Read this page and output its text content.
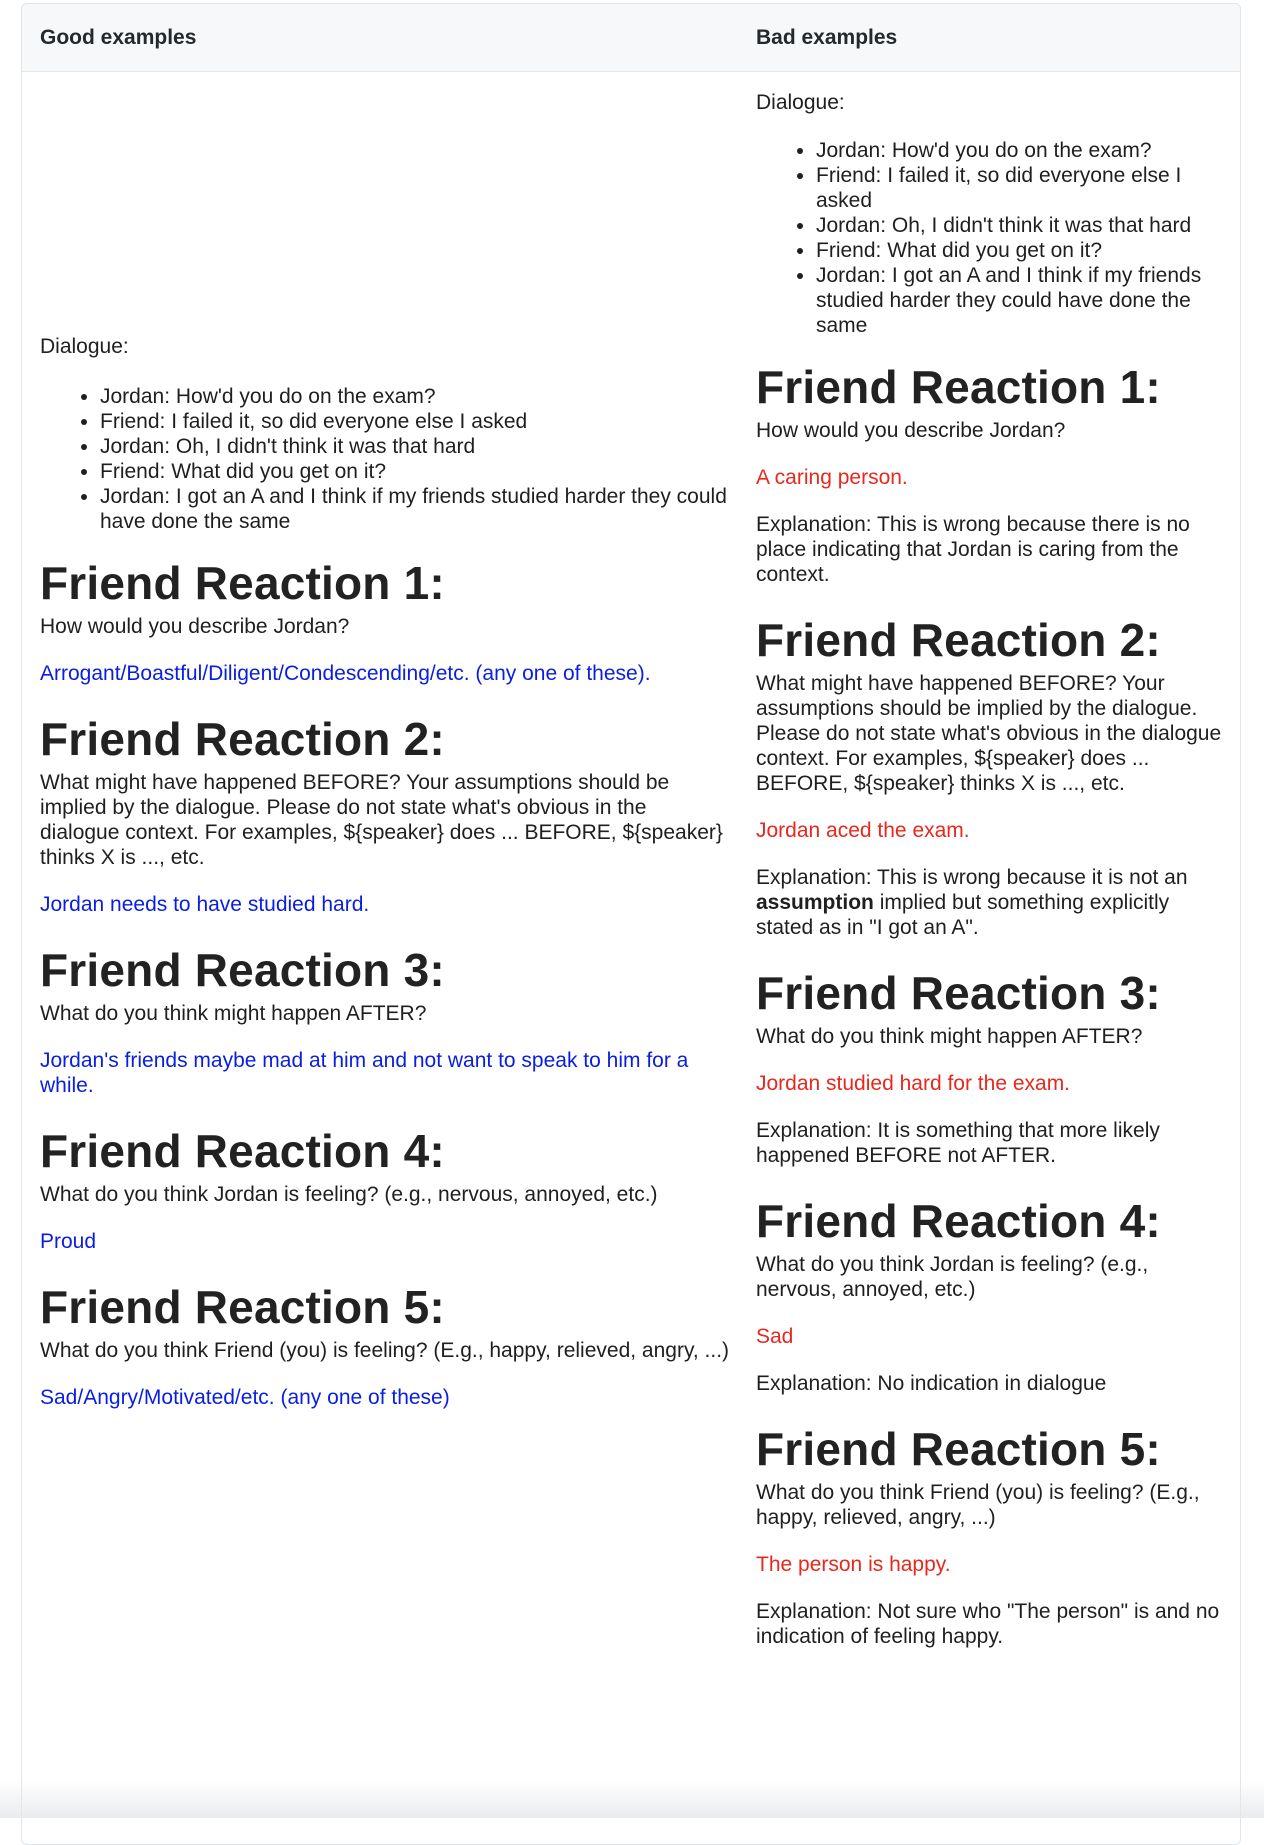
Good examples	Bad examples

Dialogue:

• Jordan: How'd you do on the exam?
• Friend: I failed it, so did everyone else I asked
• Jordan: Oh, I didn't think it was that hard
• Friend: What did you get on it?
• Jordan: I got an A and I think if my friends studied harder they could have done the same
Friend Reaction 1:

How would you describe Jordan?

Arrogant/Boastful/Diligent/Condescending/etc. (any one of these).

Friend Reaction 2:

What might have happened BEFORE? Your assumptions should be implied by the dialogue. Please do not state what's obvious in the dialogue context. For examples, ${speaker} does ... BEFORE, ${speaker} thinks X is ..., etc.

Jordan needs to have studied hard.

Friend Reaction 3:

What do you think might happen AFTER?

Jordan's friends maybe mad at him and not want to speak to him for a while.

Friend Reaction 4:

What do you think Jordan is feeling? (e.g., nervous, annoyed, etc.)

Proud

Friend Reaction 5:

What do you think Friend (you) is feeling? (E.g., happy, relieved, angry, ...)

Sad/Angry/Motivated/etc. (any one of these)

Dialogue:

• Jordan: How'd you do on the exam?
• Friend: I failed it, so did everyone else I asked
• Jordan: Oh, I didn't think it was that hard
• Friend: What did you get on it?
• Jordan: I got an A and I think if my friends studied harder they could have done the same
Friend Reaction 1:

How would you describe Jordan?

A caring person.

Explanation: This is wrong because there is no place indicating that Jordan is caring from the context.

Friend Reaction 2:

What might have happened BEFORE? Your assumptions should be implied by the dialogue. Please do not state what's obvious in the dialogue context. For examples, ${speaker} does ... BEFORE, ${speaker} thinks X is ..., etc.

Jordan aced the exam.

Explanation: This is wrong because it is not an assumption implied but something explicitly stated as in "I got an A".

Friend Reaction 3:

What do you think might happen AFTER?

Jordan studied hard for the exam.

Explanation: It is something that more likely happened BEFORE not AFTER.

Friend Reaction 4:

What do you think Jordan is feeling? (e.g., nervous, annoyed, etc.)

Sad

Explanation: No indication in dialogue

Friend Reaction 5:

What do you think Friend (you) is feeling? (E.g., happy, relieved, angry, ...)

The person is happy.

Explanation: Not sure who "The person" is and no indication of feeling happy.
